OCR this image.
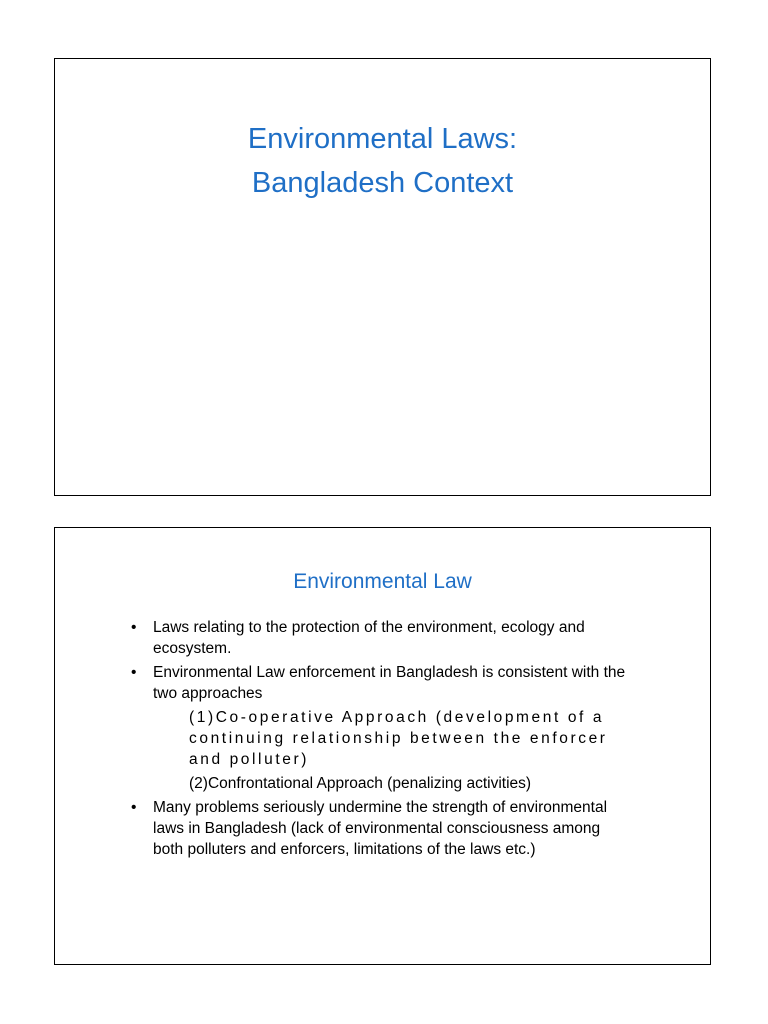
Environmental Laws:
Bangladesh Context
Environmental Law
• Laws relating to the protection of the environment, ecology and ecosystem.
• Environmental Law enforcement in Bangladesh is consistent with the two approaches
(1)Co-operative Approach (development of a continuing relationship between the enforcer and polluter)
(2)Confrontational Approach (penalizing activities)
• Many problems seriously undermine the strength of environmental laws in Bangladesh (lack of environmental consciousness among both polluters and enforcers, limitations of the laws etc.)
